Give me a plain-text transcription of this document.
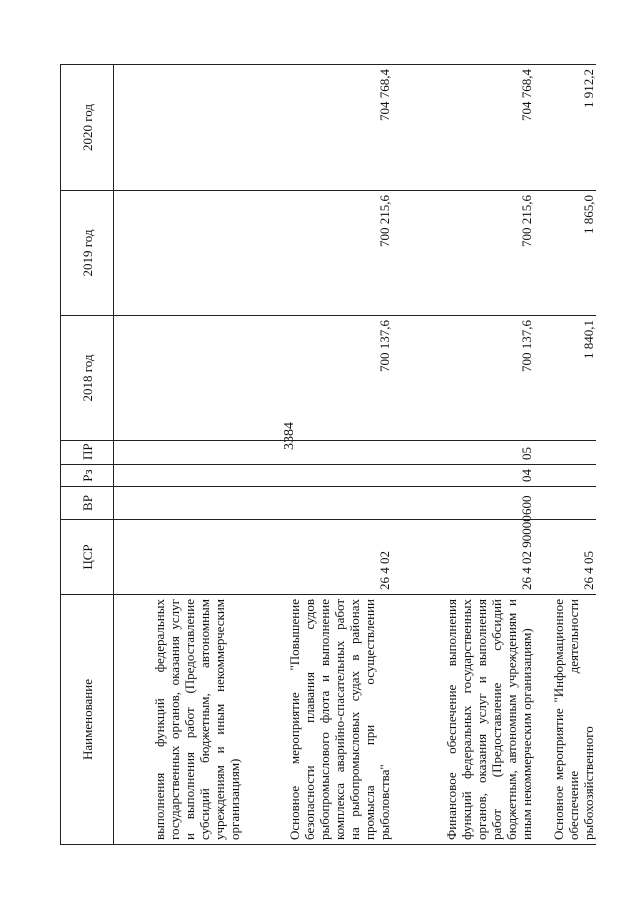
3384
Наименование	ЦСР	ВР	Рз	ПР	2018 год	2019 год	2020 год
выполнения функций федеральных государственных органов, оказания услуг и выполнения работ (Предоставление субсидий бюджетным, автономным учреждениям и иным некоммерческим организациям)							
Основное мероприятие "Повышение безопасности плавания судов рыбопромыслового флота и выполнение комплекса аварийно-спасательных работ на рыбопромысловых судах в районах промысла при осуществлении рыболовства"	26 4 02				700 137,6	700 215,6	704 768,4
Финансовое обеспечение выполнения функций федеральных государственных органов, оказания услуг и выполнения работ (Предоставление субсидий бюджетным, автономным учреждениям и иным некоммерческим организациям)	26 4 02 90000	600	04	05	700 137,6	700 215,6	704 768,4
Основное мероприятие "Информационное обеспечение деятельности рыбохозяйственного	26 4 05				1 840,1	1 865,0	1 912,2
